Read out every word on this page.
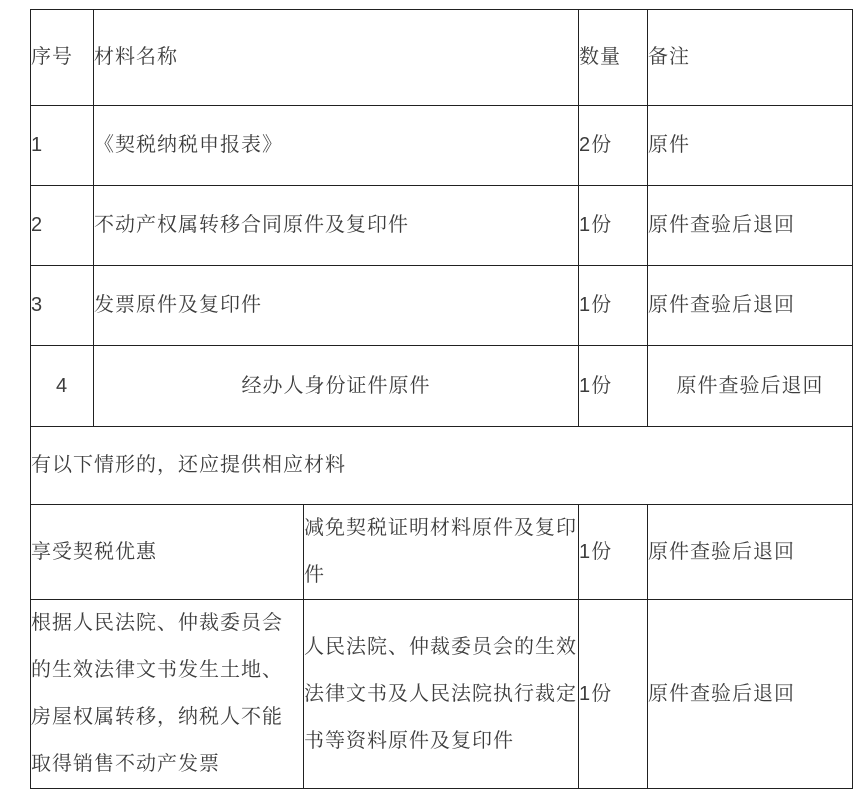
序号	材料名称		数量	备注
1	《契税纳税申报表》		2份	原件
2	不动产权属转移合同原件及复印件		1份	原件查验后退回
3	发票原件及复印件		1份	原件查验后退回
4	经办人身份证件原件		1份	原件查验后退回
有以下情形的，还应提供相应材料				
享受契税优惠		减免契税证明材料原件及复印件	1份	原件查验后退回
根据人民法院、仲裁委员会的生效法律文书发生土地、房屋权属转移，纳税人不能取得销售不动产发票		人民法院、仲裁委员会的生效法律文书及人民法院执行裁定书等资料原件及复印件	1份	原件查验后退回
